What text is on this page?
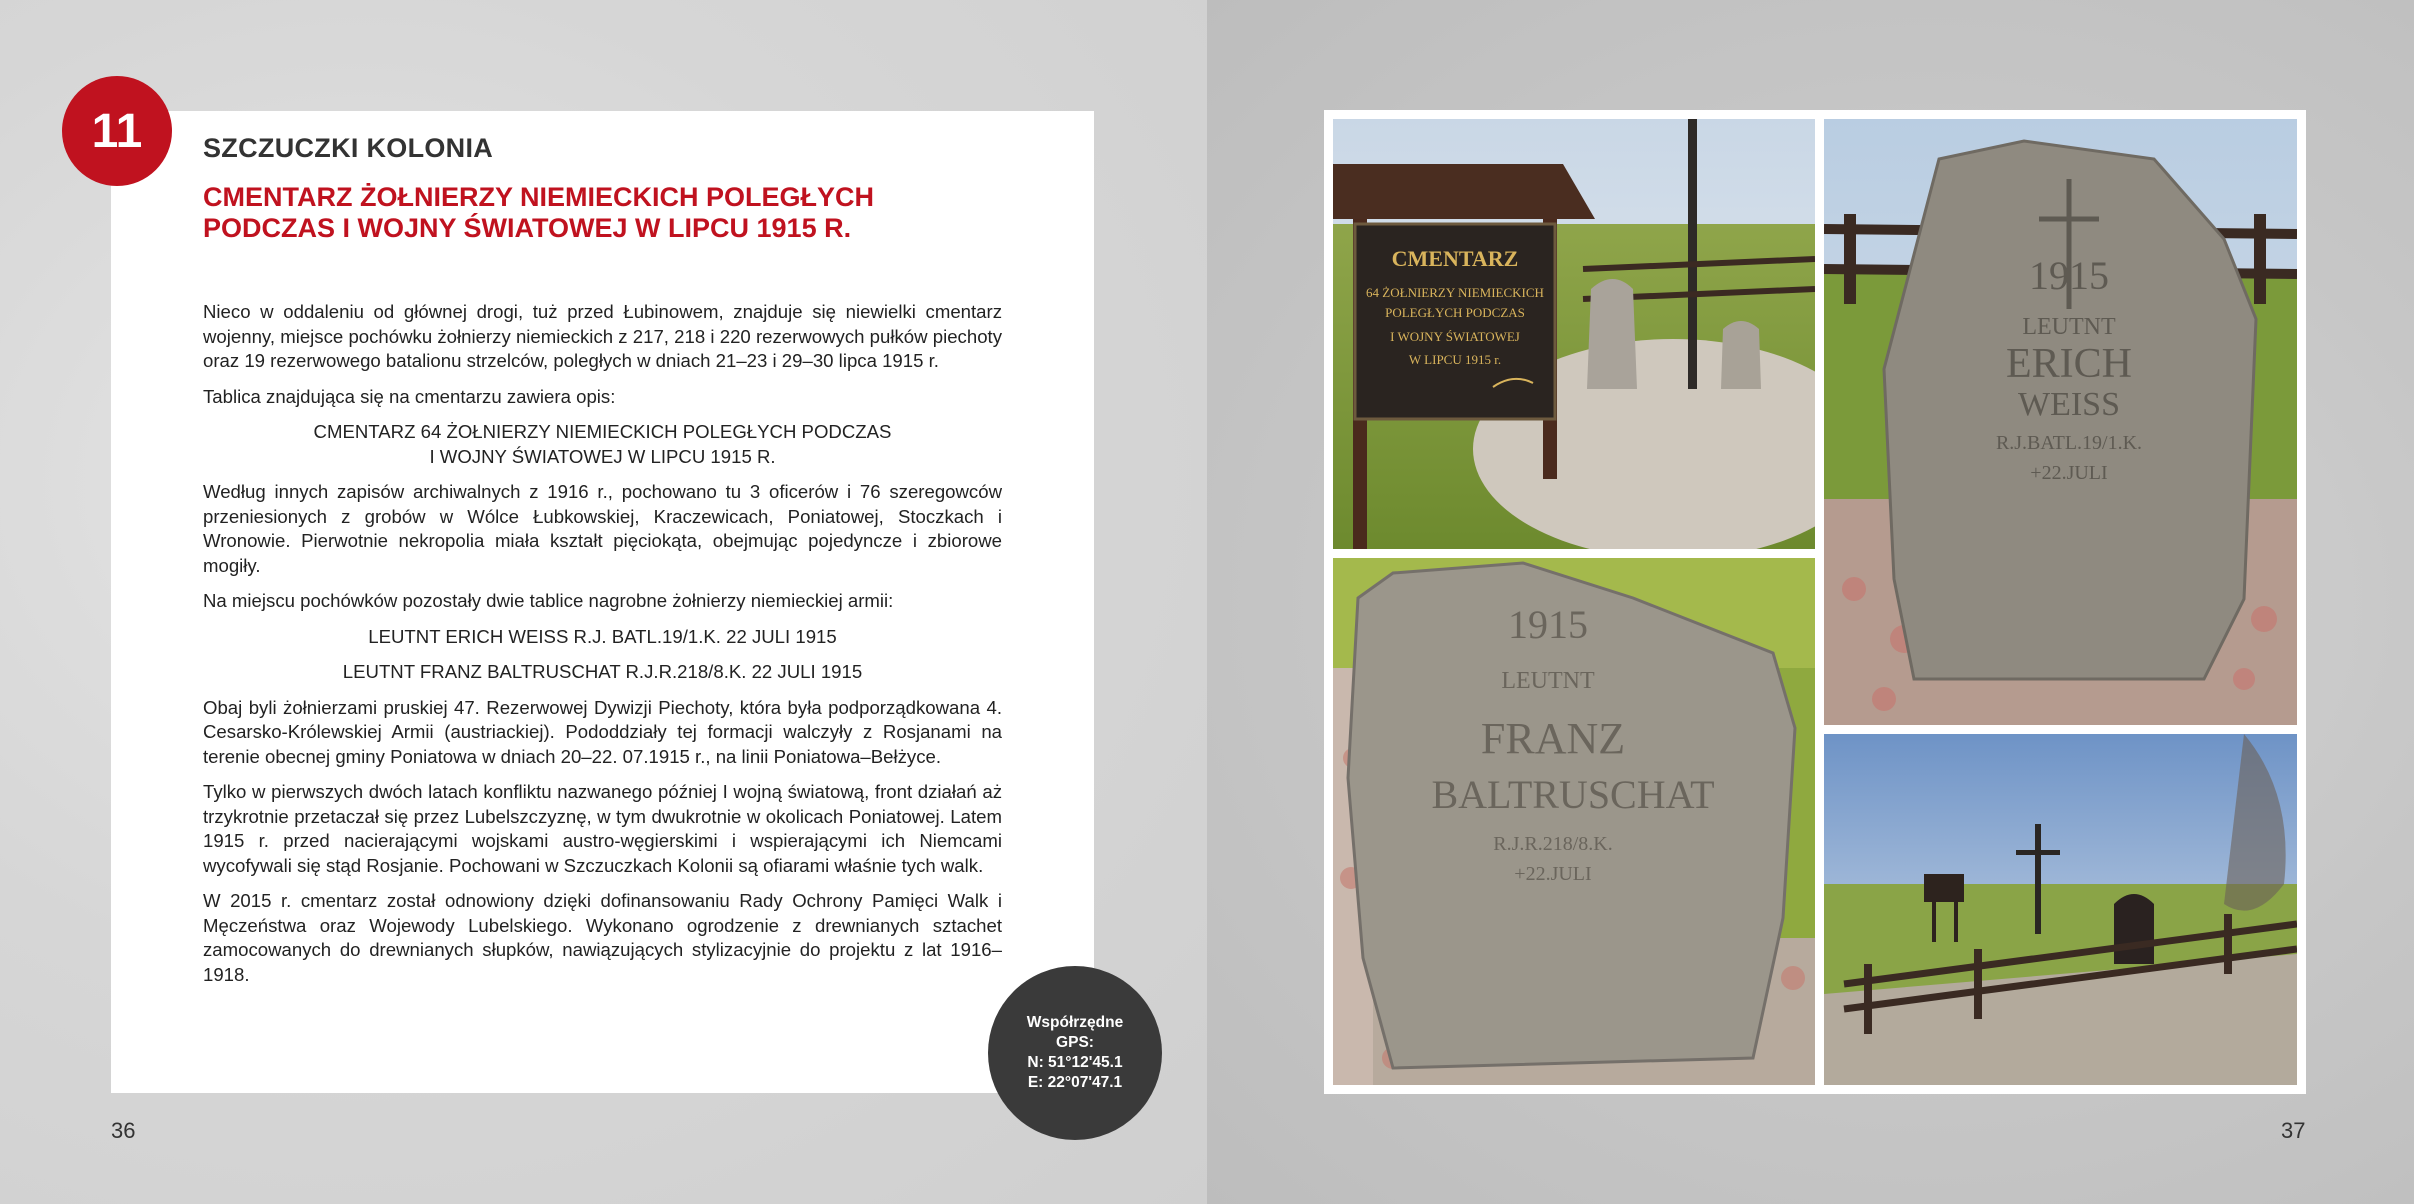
11	SZCZUCZKI KOLONIA
CMENTARZ ŻOŁNIERZY NIEMIECKICH POLEGŁYCH
PODCZAS I WOJNY ŚWIATOWEJ W LIPCU 1915 R.

Nieco w oddaleniu od głównej drogi, tuż przed Łubinowem, znajduje się niewielki cmentarz wojenny, miejsce pochówku żołnierzy niemieckich z 217, 218 i 220 rezerwowych pułków piechoty oraz 19 rezerwowego batalionu strzelców, poległych w dniach 21–23 i 29–30 lipca 1915 r.

Tablica znajdująca się na cmentarzu zawiera opis:

CMENTARZ 64 ŻOŁNIERZY NIEMIECKICH POLEGŁYCH PODCZAS
I WOJNY ŚWIATOWEJ W LIPCU 1915 R.

Według innych zapisów archiwalnych z 1916 r., pochowano tu 3 oficerów i 76 szeregowców przeniesionych z grobów w Wólce Łubkowskiej, Kraczewicach, Poniatowej, Stoczkach i Wronowie. Pierwotnie nekropolia miała kształt pięciokąta, obejmując pojedyncze i zbiorowe mogiły.

Na miejscu pochówków pozostały dwie tablice nagrobne żołnierzy niemieckiej armii:

LEUTNT ERICH WEISS R.J. BATL.19/1.K. 22 JULI 1915

LEUTNT FRANZ BALTRUSCHAT R.J.R.218/8.K. 22 JULI 1915

Obaj byli żołnierzami pruskiej 47. Rezerwowej Dywizji Piechoty, która była podporządkowana 4. Cesarsko-Królewskiej Armii (austriackiej). Pododdziały tej formacji walczyły z Rosjanami na terenie obecnej gminy Poniatowa w dniach 20–22. 07.1915 r., na linii Poniatowa–Bełżyce.

Tylko w pierwszych dwóch latach konfliktu nazwanego później I wojną światową, front działań aż trzykrotnie przetaczał się przez Lubelszczyznę, w tym dwukrotnie w okolicach Poniatowej. Latem 1915 r. przed nacierającymi wojskami austro-węgierskimi i wspierającymi ich Niemcami wycofywali się stąd Rosjanie. Pochowani w Szczuczkach Kolonii są ofiarami właśnie tych walk.

W 2015 r. cmentarz został odnowiony dzięki dofinansowaniu Rady Ochrony Pamięci Walk i Męczeństwa oraz Wojewody Lubelskiego. Wykonano ogrodzenie z drewnianych sztachet zamocowanych do drewnianych słupków, nawiązujących stylizacyjnie do projektu z lat 1916–1918.

Współrzędne
GPS:
N: 51°12'45.1
E: 22°07'47.1
36	37
CMENTARZ
64 ŻOŁNIERZY NIEMIECKICH
POLEGŁYCH PODCZAS
I WOJNY ŚWIATOWEJ
W LIPCU 1915 r.
1915
LEUTNT
ERICH
WEISS
R.J.BATL.19/1.K.
+22.JULI
1915
LEUTNT
FRANZ
BALTRUSCHAT
R.J.R.218/8.K.
+22.JULI
